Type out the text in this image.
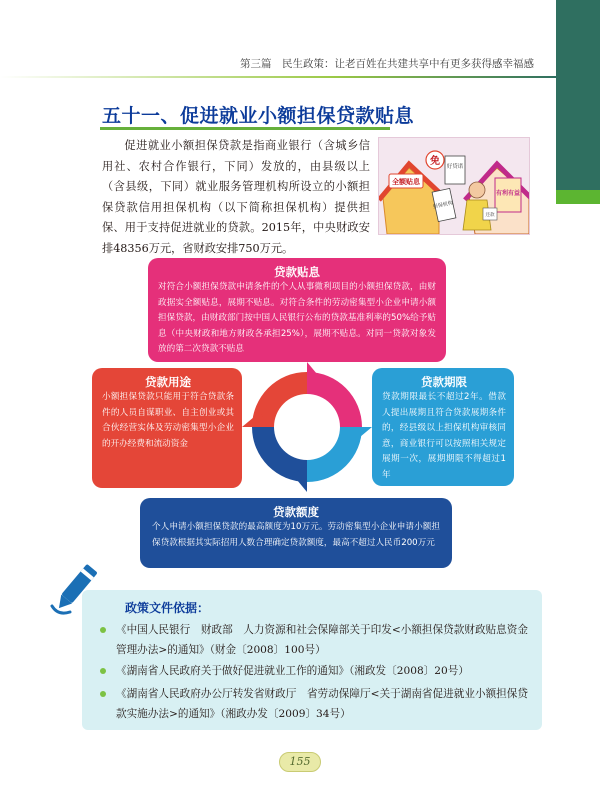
第三篇　民生政策：让老百姓在共建共享中有更多获得感幸福感
五十一、促进就业小额担保贷款贴息

促进就业小额担保贷款是指商业银行（含城乡信用社、农村合作银行，下同）发放的，由县级以上（含县级，下同）就业服务管理机构所设立的小额担保贷款信用担保机构（以下简称担保机构）提供担保、用于支持促进就业的贷款。2015年，中央财政安排48356万元，省财政安排750万元。

全额贴息
免 好贷诺
担保机构
有利有益
还款
贷款贴息
对符合小额担保贷款申请条件的个人从事微利项目的小额担保贷款，由财政据实全额贴息，展期不贴息。对符合条件的劳动密集型小企业申请小额担保贷款，由财政部门按中国人民银行公布的贷款基准利率的50%给予贴息（中央财政和地方财政各承担25%），展期不贴息。对同一贷款对象发放的第二次贷款不贴息
贷款用途
小额担保贷款只能用于符合贷款条件的人员自谋职业、自主创业或其合伙经营实体及劳动密集型小企业的开办经费和流动资金
贷款期限
贷款期限最长不超过2年。借款人提出展期且符合贷款展期条件的，经县级以上担保机构审核同意，商业银行可以按照相关规定展期一次，展期期限不得超过1年
贷款额度
个人申请小额担保贷款的最高额度为10万元。劳动密集型小企业申请小额担保贷款根据其实际招用人数合理确定贷款额度，最高不超过人民币200万元
政策文件依据：
《中国人民银行　财政部　人力资源和社会保障部关于印发<小额担保贷款财政贴息资金管理办法>的通知》（财金〔2008〕100号）
《湖南省人民政府关于做好促进就业工作的通知》（湘政发〔2008〕20号）
《湖南省人民政府办公厅转发省财政厅　省劳动保障厅<关于湖南省促进就业小额担保贷款实施办法>的通知》（湘政办发〔2009〕34号）
155
